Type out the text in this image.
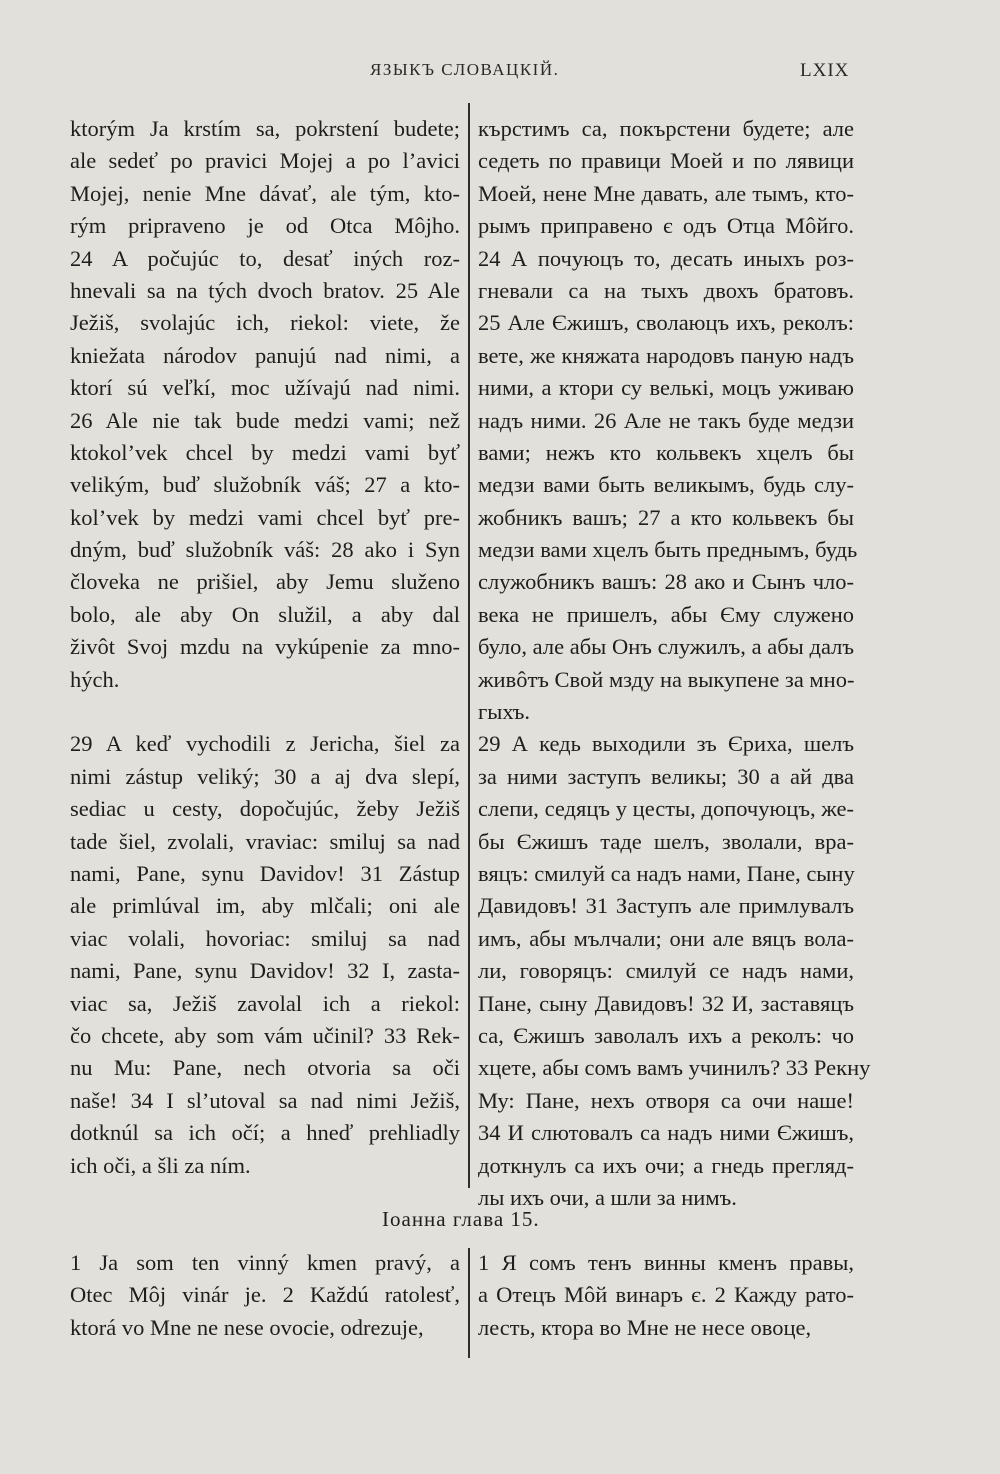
ЯЗЫКЪ СЛОВАЦКІЙ.	LXIX
ktorým Ja krstím sa, pokrstení budete;
ale sedeť po pravici Mojej a po l’avici
Mojej, nenie Mne dávať, ale tým, kto-
rým pripraveno je od Otca Môjho.
24 A počujúc to, desať iných roz-
hnevali sa na tých dvoch bratov. 25 Ale
Ježiš, svolajúc ich, riekol: viete, že
kniežata národov panujú nad nimi, a
ktorí sú veľkí, moc užívajú nad nimi.
26 Ale nie tak bude medzi vami; než
ktokol’vek chcel by medzi vami byť
velikým, buď služobník váš; 27 a kto-
kol’vek by medzi vami chcel byť pre-
dným, buď služobník váš: 28 ako i Syn
človeka ne prišiel, aby Jemu služeno
bolo, ale aby On služil, a aby dal
živôt Svoj mzdu na vykúpenie za mno-
hých.
29 A keď vychodili z Jericha, šiel za
nimi zástup veliký; 30 a aj dva slepí,
sediac u cesty, dopočujúc, žeby Ježiš
tade šiel, zvolali, vraviac: smiluj sa nad
nami, Pane, synu Davidov! 31 Zástup
ale primlúval im, aby mlčali; oni ale
viac volali, hovoriac: smiluj sa nad
nami, Pane, synu Davidov! 32 I, zasta-
viac sa, Ježiš zavolal ich a riekol:
čo chcete, aby som vám učinil? 33 Rek-
nu Mu: Pane, nech otvoria sa oči
naše! 34 I sl’utoval sa nad nimi Ježiš,
dotknúl sa ich očí; a hneď prehliadly
ich oči, a šli za ním.
кърстимъ са, покърстени будете; але
седеть по правици Моей и по лявици
Моей, нене Мне давать, але тымъ, кто-
рымъ приправено є одъ Отца Мôйго.
24 А почуюцъ то, десать иныхъ роз-
гневали са на тыхъ двохъ братовъ.
25 Але Єжишъ, сволаюцъ ихъ, реколъ:
вете, же княжата народовъ паную надъ
ними, а ктори су велькi, моцъ уживаю
надъ ними. 26 Але не такъ буде медзи
вами; нежъ кто кольвекъ хцелъ бы
медзи вами быть великымъ, будь слу-
жобникъ вашъ; 27 а кто кольвекъ бы
медзи вами хцелъ быть преднымъ, будь
служобникъ вашъ: 28 ако и Сынъ чло-
века не пришелъ, абы Єму служено
було, але абы Онъ служилъ, а абы далъ
живôтъ Свой мзду на выкупене за мно-
гыхъ.
29 А кедь выходили зъ Єриха, шелъ
за ними заступъ великы; 30 а ай два
слепи, седяцъ у цесты, допочуюцъ, же-
бы Єжишъ таде шелъ, зволали, вра-
вяцъ: смилуй са надъ нами, Пане, сыну
Давидовъ! 31 Заступъ але примлувалъ
имъ, абы мълчали; они але вяцъ вола-
ли, говоряцъ: смилуй се надъ нами,
Пане, сыну Давидовъ! 32 И, заставяцъ
са, Єжишъ заволалъ ихъ а реколъ: чо
хцете, абы сомъ вамъ учинилъ? 33 Рекну
Му: Пане, нехъ отворя са очи наше!
34 И слютовалъ са надъ ними Єжишъ,
доткнулъ са ихъ очи; а гнедь прегляд-
лы ихъ очи, а шли за нимъ.
Іоанна глава 15.
1 Ja som ten vinný kmen pravý, a
Otec Môj vinár je. 2 Každú ratolesť,
ktorá vo Mne ne nese ovocie, odrezuje,
1 Я сомъ тенъ винны кменъ правы,
а Отецъ Мôй винаръ є. 2 Кажду рато-
лесть, ктора во Мне не несе овоце,
